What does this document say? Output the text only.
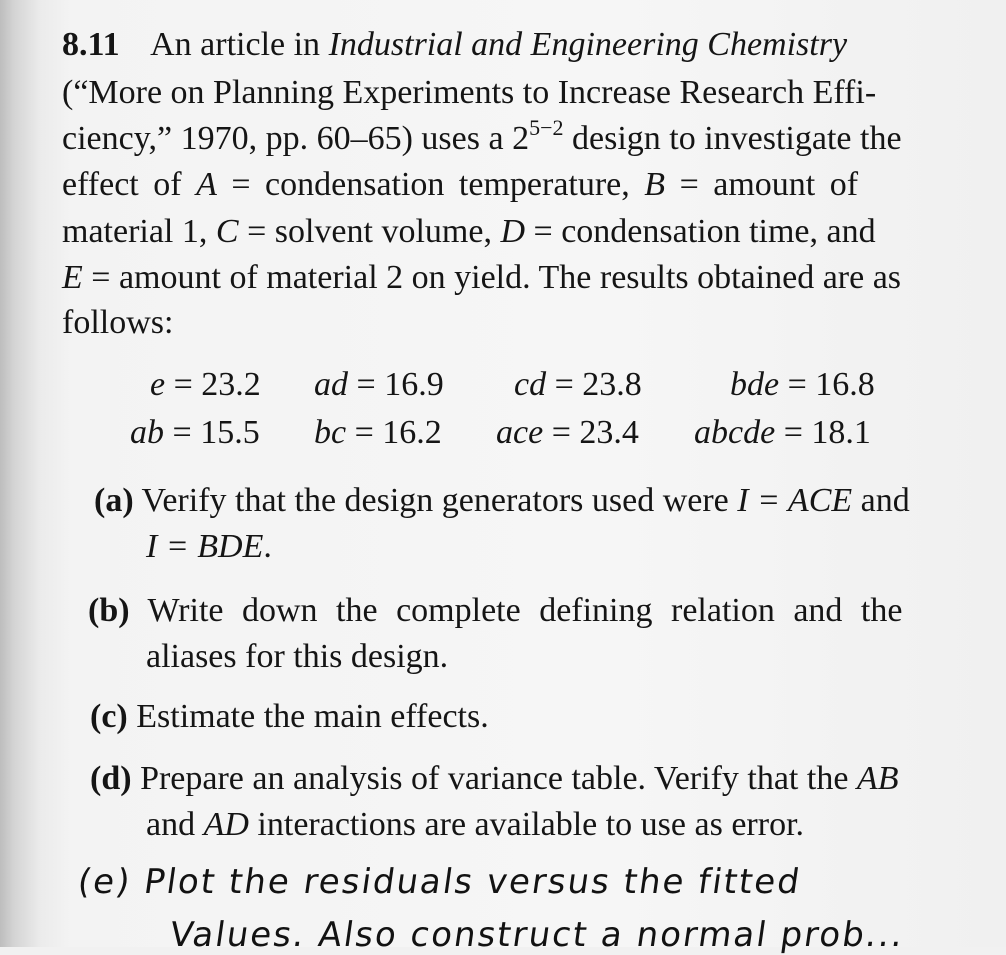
8.11 An article in Industrial and Engineering Chemistry
(“More on Planning Experiments to Increase Research Effi-
ciency,” 1970, pp. 60–65) uses a $2^{5-2}$ design to investigate the
effect of A = condensation temperature, B = amount of
material 1, C = solvent volume, D = condensation time, and
E = amount of material 2 on yield. The results obtained are as
follows:
e = 23.2 ad = 16.9 cd = 23.8	bde = 16.8
ab = 15.5 bc = 16.2 ace = 23.4 abcde = 18.1
(a) Verify that the design generators used were I = ACE and
I = BDE.
(b) Write down the complete defining relation and the
aliases for this design.
(c) Estimate the main effects.
(d) Prepare an analysis of variance table. Verify that the AB
and AD interactions are available to use as error.
(e) Plot the residuals versus the fitted
Values. Also construct a normal prob...
